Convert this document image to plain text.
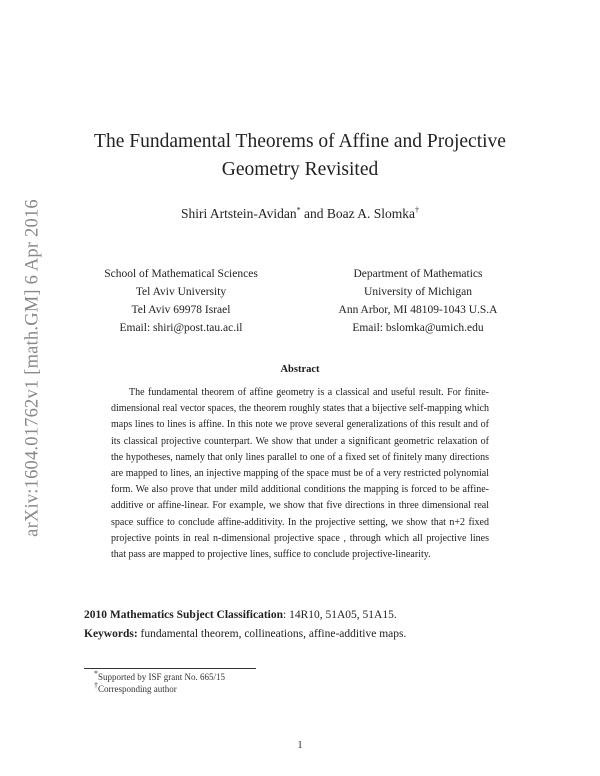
arXiv:1604.01762v1 [math.GM] 6 Apr 2016
The Fundamental Theorems of Affine and Projective
Geometry Revisited
Shiri Artstein-Avidan* and Boaz A. Slomka†
School of Mathematical Sciences
Tel Aviv University
Tel Aviv 69978 Israel
Email: shiri@post.tau.ac.il
Department of Mathematics
University of Michigan
Ann Arbor, MI 48109-1043 U.S.A
Email: bslomka@umich.edu
Abstract

The fundamental theorem of affine geometry is a classical and useful result. For finite-dimensional real vector spaces, the theorem roughly states that a bijective self-mapping which maps lines to lines is affine. In this note we prove several generalizations of this result and of its classical projective counterpart. We show that under a significant geometric relaxation of the hypotheses, namely that only lines parallel to one of a fixed set of finitely many directions are mapped to lines, an injective mapping of the space must be of a very restricted polynomial form. We also prove that under mild additional conditions the mapping is forced to be affine-additive or affine-linear. For example, we show that five directions in three dimensional real space suffice to conclude affine-additivity. In the projective setting, we show that n+2 fixed projective points in real n-dimensional projective space , through which all projective lines that pass are mapped to projective lines, suffice to conclude projective-linearity.

2010 Mathematics Subject Classification: 14R10, 51A05, 51A15.
Keywords: fundamental theorem, collineations, affine-additive maps.
*Supported by ISF grant No. 665/15
†Corresponding author
1
